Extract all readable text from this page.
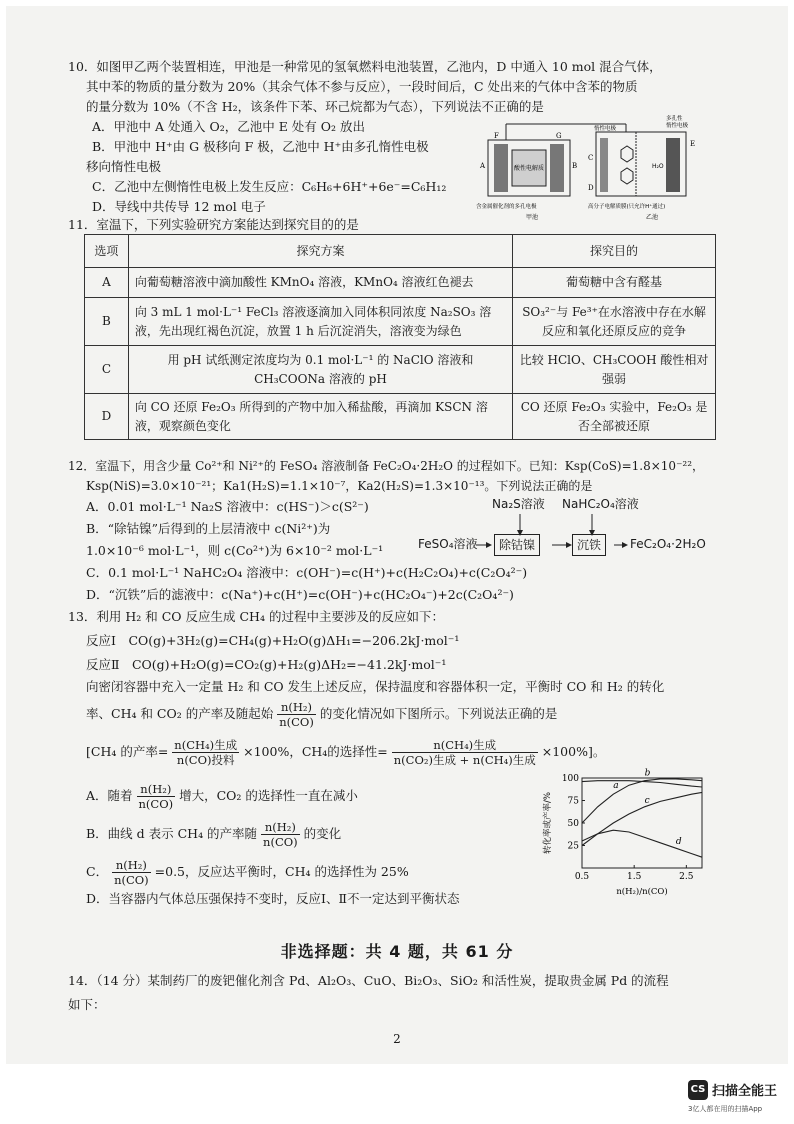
10．如图甲乙两个装置相连，甲池是一种常见的氢氧燃料电池装置，乙池内，D 中通入 10 mol 混合气体，
其中苯的物质的量分数为 20%（其余气体不参与反应），一段时间后，C 处出来的气体中含苯的物质
的量分数为 10%（不含 H₂，该条件下苯、环己烷都为气态），下列说法不正确的是
A．甲池中 A 处通入 O₂，乙池中 E 处有 O₂ 放出
B．甲池中 H⁺由 G 极移向 F 极，乙池中 H⁺由多孔惰性电极
移向惰性电极
C．乙池中左侧惰性电极上发生反应：C₆H₆+6H⁺+6e⁻=C₆H₁₂
D．导线中共传导 12 mol 电子
酸性电解质
A	B
F	G
H₂O
惰性电极
多孔性
惰性电极
C
D
E
含金属催化剂的多孔电极	高分子电解质膜(只允许H⁺通过)
甲池	乙池
11．室温下，下列实验研究方案能达到探究目的的是
选项	探究方案	探究目的
A	向葡萄糖溶液中滴加酸性 KMnO₄ 溶液，KMnO₄ 溶液红色褪去	葡萄糖中含有醛基
B	向 3 mL 1 mol·L⁻¹ FeCl₃ 溶液逐滴加入同体积同浓度 Na₂SO₃ 溶液，先出现红褐色沉淀，放置 1 h 后沉淀消失，溶液变为绿色	SO₃²⁻与 Fe³⁺在水溶液中存在水解反应和氧化还原反应的竞争
C	用 pH 试纸测定浓度均为 0.1 mol·L⁻¹ 的 NaClO 溶液和 CH₃COONa 溶液的 pH	比较 HClO、CH₃COOH 酸性相对强弱
D	向 CO 还原 Fe₂O₃ 所得到的产物中加入稀盐酸，再滴加 KSCN 溶液，观察颜色变化	CO 还原 Fe₂O₃ 实验中，Fe₂O₃ 是否全部被还原
12．室温下，用含少量 Co²⁺和 Ni²⁺的 FeSO₄ 溶液制备 FeC₂O₄·2H₂O 的过程如下。已知：Ksp(CoS)=1.8×10⁻²²，
Ksp(NiS)=3.0×10⁻²¹；Ka1(H₂S)=1.1×10⁻⁷，Ka2(H₂S)=1.3×10⁻¹³。下列说法正确的是
A．0.01 mol·L⁻¹ Na₂S 溶液中：c(HS⁻)＞c(S²⁻)
B．“除钴镍”后得到的上层清液中 c(Ni²⁺)为
1.0×10⁻⁶ mol·L⁻¹，则 c(Co²⁺)为 6×10⁻² mol·L⁻¹
C．0.1 mol·L⁻¹ NaHC₂O₄ 溶液中：c(OH⁻)=c(H⁺)+c(H₂C₂O₄)+c(C₂O₄²⁻)
D．“沉铁”后的滤液中：c(Na⁺)+c(H⁺)=c(OH⁻)+c(HC₂O₄⁻)+2c(C₂O₄²⁻)
Na₂S溶液 NaHC₂O₄溶液
FeSO₄溶液	除钴镍	沉铁	FeC₂O₄·2H₂O
13．利用 H₂ 和 CO 反应生成 CH₄ 的过程中主要涉及的反应如下：
反应Ⅰ　CO(g)+3H₂(g)=CH₄(g)+H₂O(g)ΔH₁=−206.2kJ·mol⁻¹
反应Ⅱ　CO(g)+H₂O(g)=CO₂(g)+H₂(g)ΔH₂=−41.2kJ·mol⁻¹
向密闭容器中充入一定量 H₂ 和 CO 发生上述反应，保持温度和容器体积一定，平衡时 CO 和 H₂ 的转化
率、CH₄ 和 CO₂ 的产率及随起始 $\frac{\text{n(H₂)}}{n(CO)}$ 的变化情况如下图所示。下列说法正确的是
[CH₄ 的产率= $\frac{\text{n(CH₄)生成}}{\text{n(CO)投料}} \times 100\%$，CH₄的选择性= $\frac{\text{n(CH₄)生成}}{\text{n(CO₂)生成 + n(CH₄)生成}} \times 100\%$]。
A．随着 $\frac{\text{n(H₂)}}{n(CO)}$ 增大，CO₂ 的选择性一直在减小
B．曲线 d 表示 CH₄ 的产率随 $\frac{\text{n(H₂)}}{n(CO)}$ 的变化
C． $\frac{\text{n(H₂)}}{n(CO)} =0.5$，反应达平衡时，CH₄ 的选择性为 25%
D．当容器内气体总压强保持不变时，反应Ⅰ、Ⅱ不一定达到平衡状态
25
50
75
100
0.5	1.5	2.5
转化率或产率/%
n(H₂)/n(CO)
a
b
c
d
非选择题：共 4 题，共 61 分
14．（14 分）某制药厂的废钯催化剂含 Pd、Al₂O₃、CuO、Bi₂O₃、SiO₂ 和活性炭，提取贵金属 Pd 的流程
如下：
2
CS 扫描全能王
3亿人都在用的扫描App
